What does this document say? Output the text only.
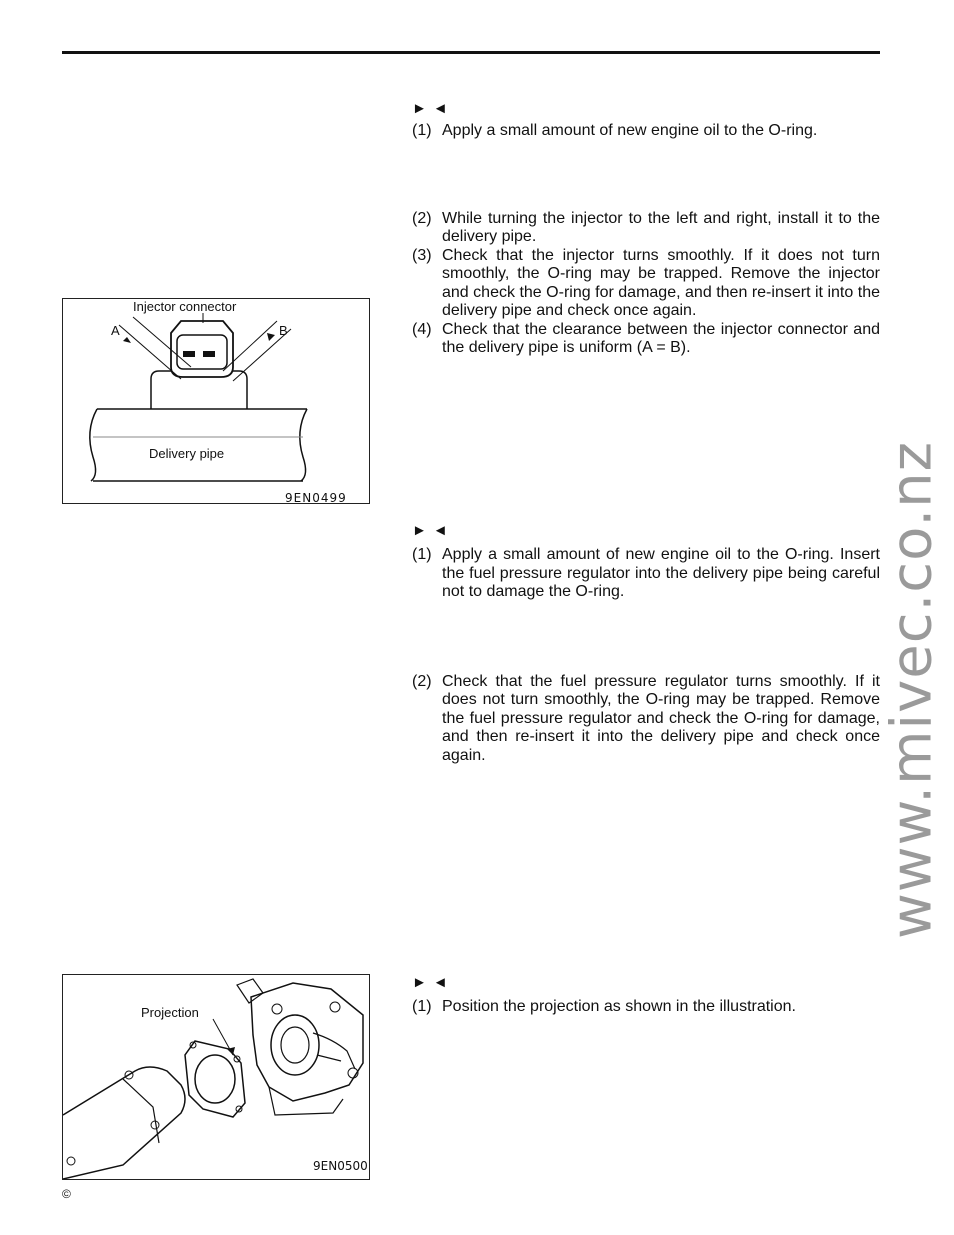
Injector connector
A	B
Delivery pipe
9EN0499
Projection
9EN0500
►◄

(1) Apply a small amount of new engine oil to the O-ring.

(2) While turning the injector to the left and right, install it to the delivery pipe.

(3) Check that the injector turns smoothly. If it does not turn smoothly, the O-ring may be trapped. Remove the injector and check the O-ring for damage, and then re-insert it into the delivery pipe and check once again.

(4) Check that the clearance between the injector connector and the delivery pipe is uniform (A = B).

►◄

(1) Apply a small amount of new engine oil to the O-ring. Insert the fuel pressure regulator into the delivery pipe being careful not to damage the O-ring.

(2) Check that the fuel pressure regulator turns smoothly. If it does not turn smoothly, the O-ring may be trapped. Remove the fuel pressure regulator and check the O-ring for damage, and then re-insert it into the delivery pipe and check once again.

►◄

(1) Position the projection as shown in the illustration.

www.mivec.co.nz
©
